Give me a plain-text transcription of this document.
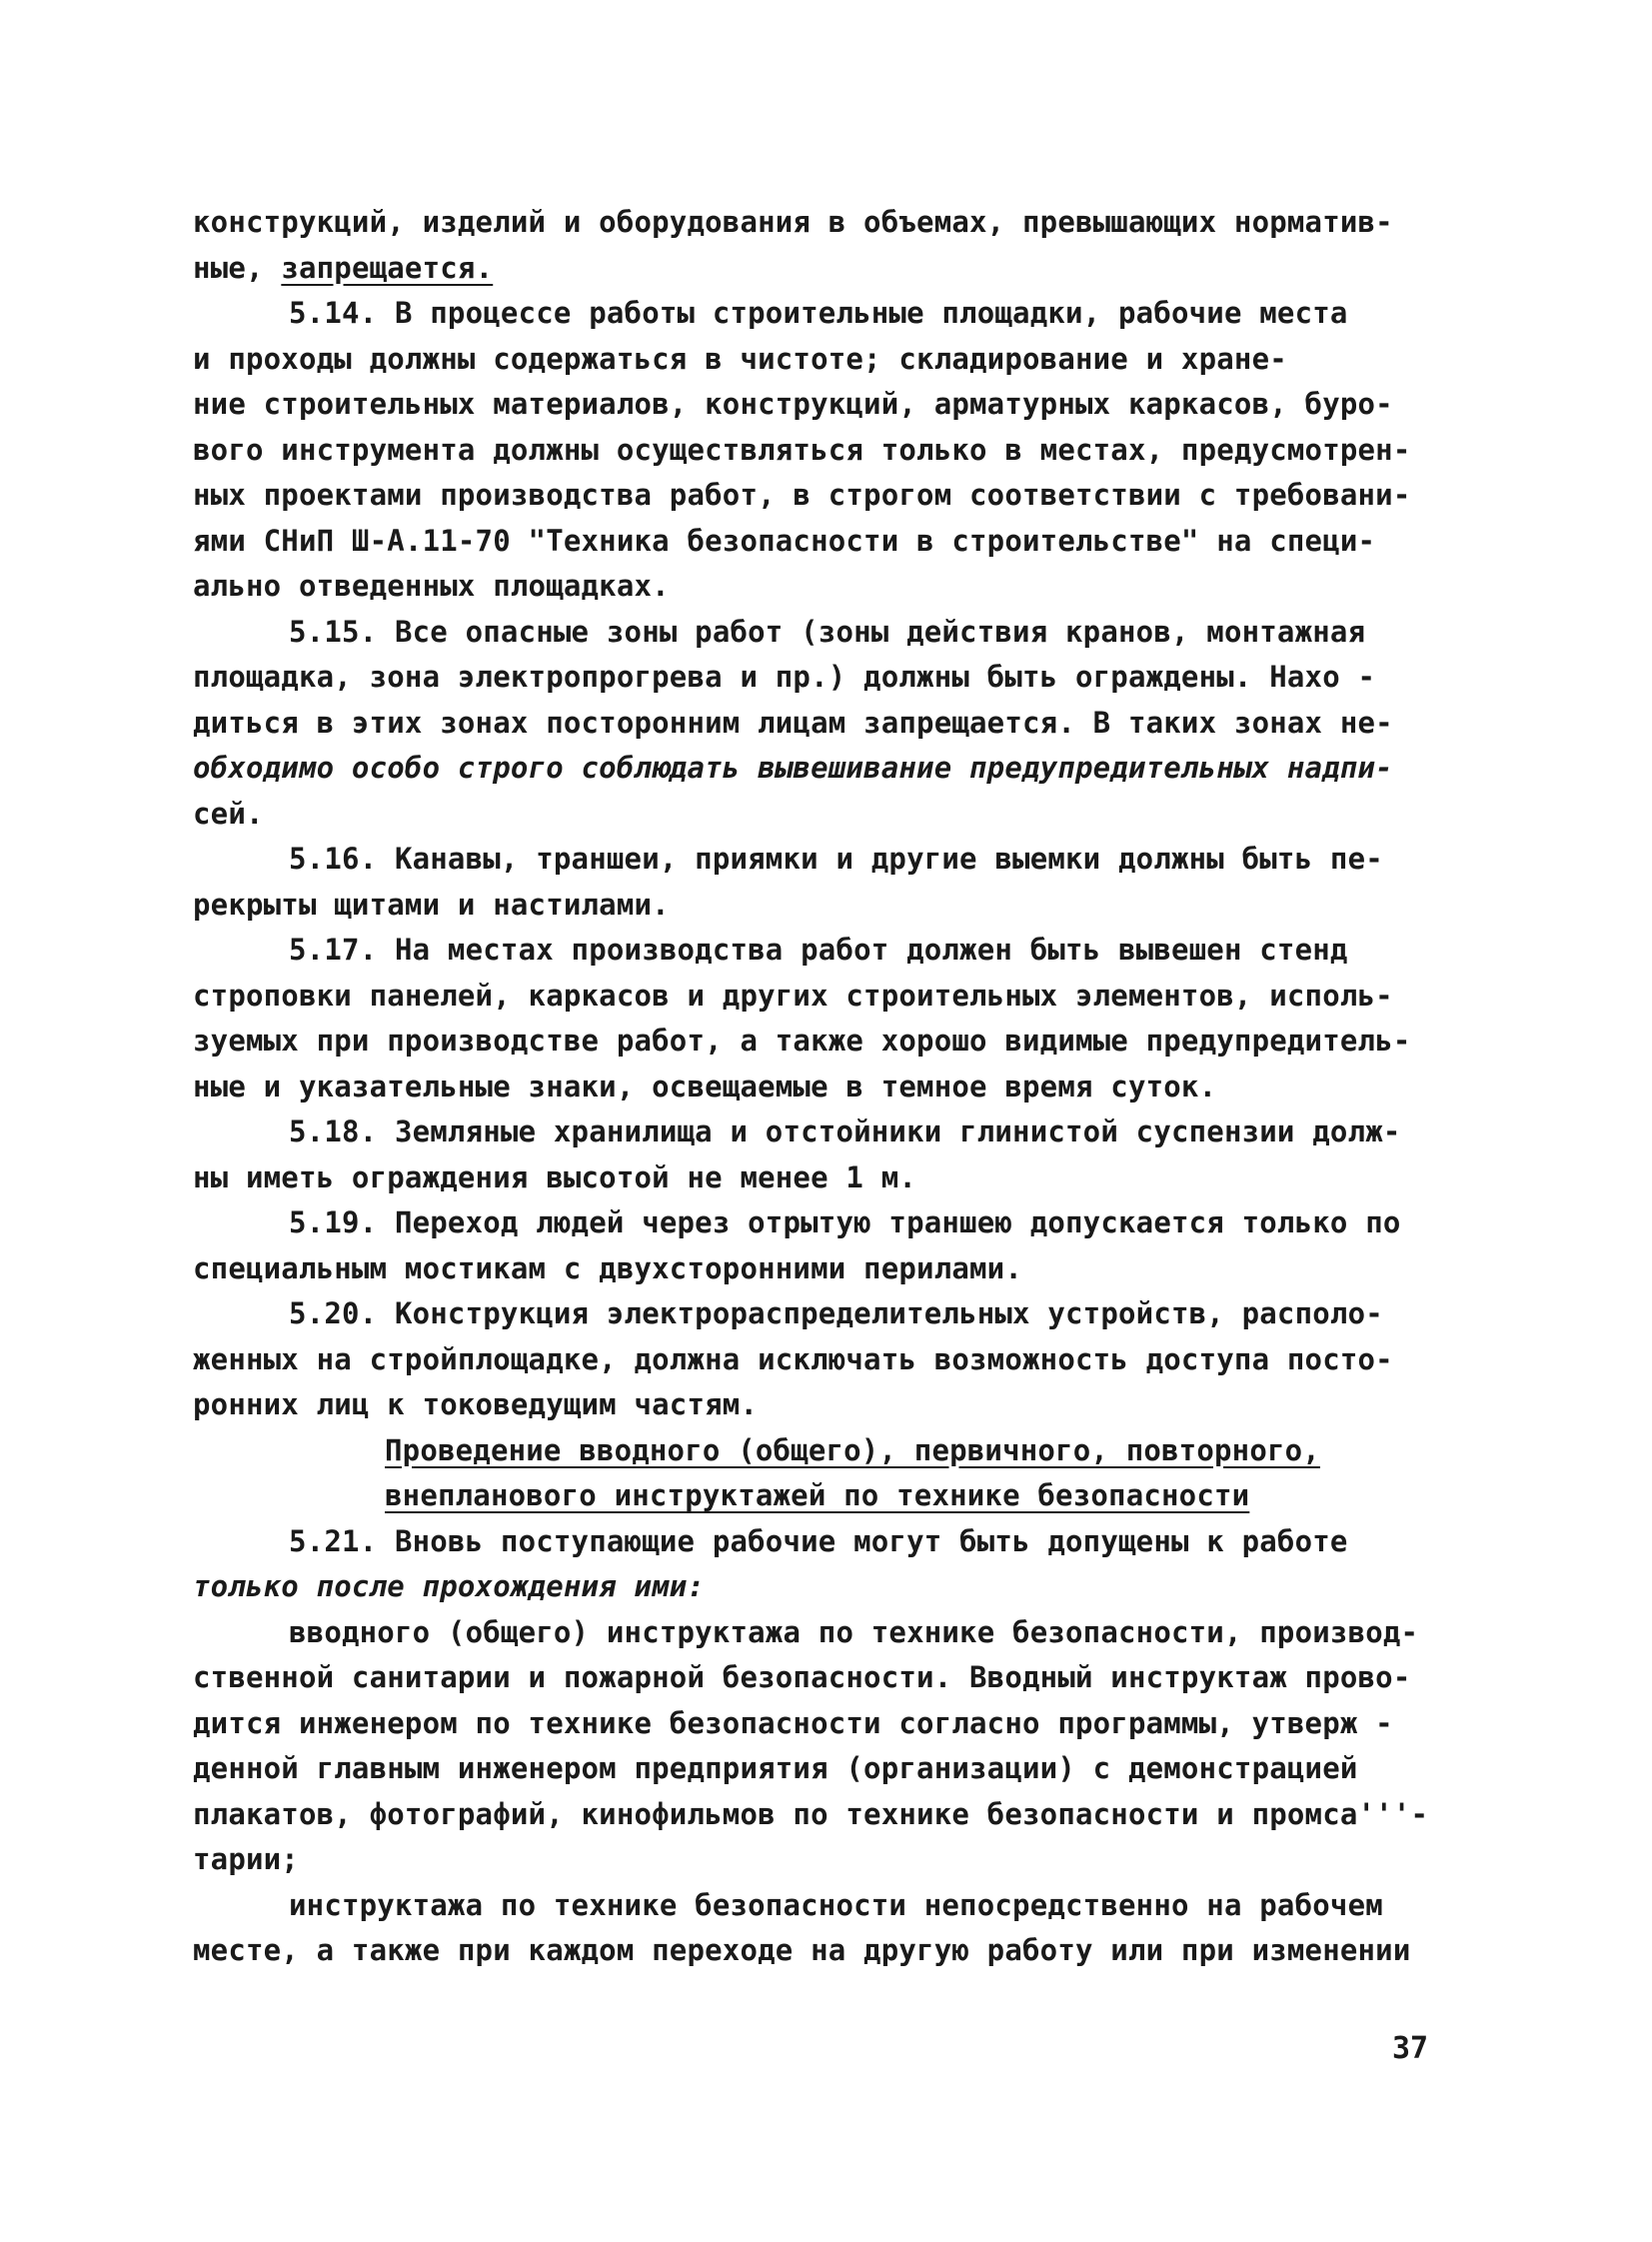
конструкций, изделий и оборудования в объемах, превышающих норматив-
ные, запрещается.

5.14. В процессе работы строительные площадки, рабочие места
и проходы должны содержаться в чистоте; складирование и хране-
ние строительных материалов, конструкций, арматурных каркасов, буро-
вого инструмента должны осуществляться только в местах, предусмотрен-
ных проектами производства работ, в строгом соответствии с требовани-
ями СНиП Ш-А.11-70 "Техника безопасности в строительстве" на специ-
ально отведенных площадках.

5.15. Все опасные зоны работ (зоны действия кранов, монтажная
площадка, зона электропрогрева и пр.) должны быть ограждены. Нахо -
диться в этих зонах посторонним лицам запрещается. В таких зонах не-
обходимо особо строго соблюдать вывешивание предупредительных надпи-
сей.

5.16. Канавы, траншеи, приямки и другие выемки должны быть пе-
рекрыты щитами и настилами.

5.17. На местах производства работ должен быть вывешен стенд
строповки панелей, каркасов и других строительных элементов, исполь-
зуемых при производстве работ, а также хорошо видимые предупредитель-
ные и указательные знаки, освещаемые в темное время суток.

5.18. Земляные хранилища и отстойники глинистой суспензии долж-
ны иметь ограждения высотой не менее 1 м.

5.19. Переход людей через отрытую траншею допускается только по
специальным мостикам с двухсторонними перилами.

5.20. Конструкция электрораспределительных устройств, располо-
женных на стройплощадке, должна исключать возможность доступа посто-
ронних лиц к токоведущим частям.

Проведение вводного (общего), первичного, повторного,
внепланового инструктажей по технике безопасности

5.21. Вновь поступающие рабочие могут быть допущены к работе
только после прохождения ими:

вводного (общего) инструктажа по технике безопасности, производ-
ственной санитарии и пожарной безопасности. Вводный инструктаж прово-
дится инженером по технике безопасности согласно программы, утверж -
денной главным инженером предприятия (организации) с демонстрацией
плакатов, фотографий, кинофильмов по технике безопасности и промса'''-
тарии;

инструктажа по технике безопасности непосредственно на рабочем
месте, а также при каждом переходе на другую работу или при изменении

37
